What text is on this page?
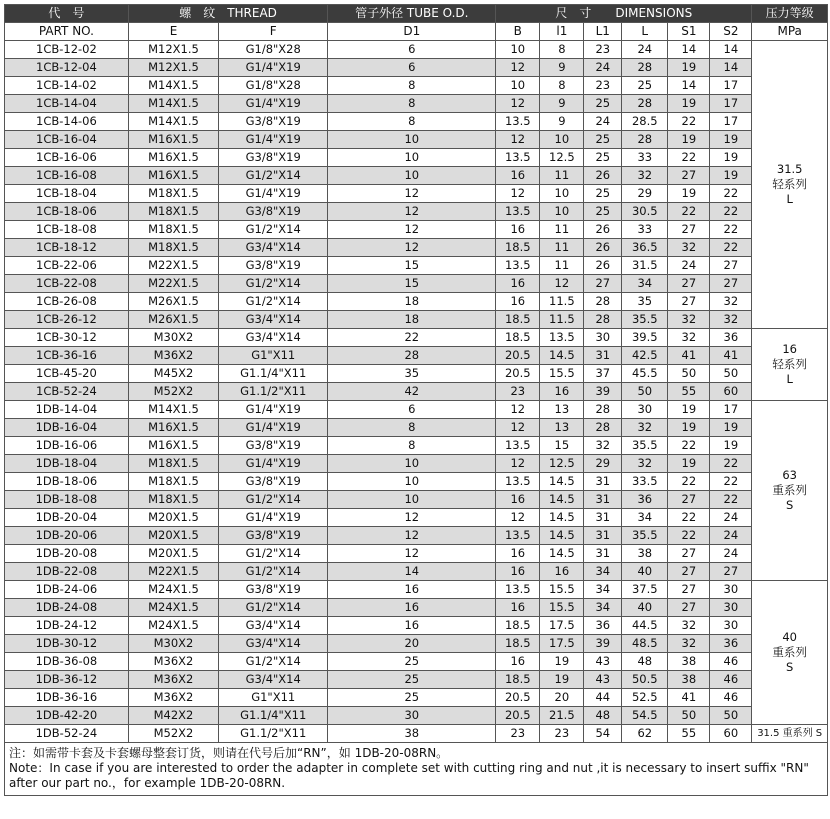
代　号	螺　纹　THREAD		管子外径 TUBE O.D.	尺　寸　　DIMENSIONS						压力等级
PART NO.	E	F	D1	B	l1	L1	L	S1	S2	MPa
1CB-12-02	M12X1.5	G1/8"X28	6	10	8	23	24	14	14	31.5
轻系列
L

1CB-12-04	M12X1.5	G1/4"X19	6	12	9	24	28	19	14	
1CB-14-02	M14X1.5	G1/8"X28	8	10	8	23	25	14	17	
1CB-14-04	M14X1.5	G1/4"X19	8	12	9	25	28	19	17	
1CB-14-06	M14X1.5	G3/8"X19	8	13.5	9	24	28.5	22	17	
1CB-16-04	M16X1.5	G1/4"X19	10	12	10	25	28	19	19	
1CB-16-06	M16X1.5	G3/8"X19	10	13.5	12.5	25	33	22	19	
1CB-16-08	M16X1.5	G1/2"X14	10	16	11	26	32	27	19	
1CB-18-04	M18X1.5	G1/4"X19	12	12	10	25	29	19	22	
1CB-18-06	M18X1.5	G3/8"X19	12	13.5	10	25	30.5	22	22	
1CB-18-08	M18X1.5	G1/2"X14	12	16	11	26	33	27	22	
1CB-18-12	M18X1.5	G3/4"X14	12	18.5	11	26	36.5	32	22	
1CB-22-06	M22X1.5	G3/8"X19	15	13.5	11	26	31.5	24	27	
1CB-22-08	M22X1.5	G1/2"X14	15	16	12	27	34	27	27	
1CB-26-08	M26X1.5	G1/2"X14	18	16	11.5	28	35	27	32	
1CB-26-12	M26X1.5	G3/4"X14	18	18.5	11.5	28	35.5	32	32	
1CB-30-12	M30X2	G3/4"X14	22	18.5	13.5	30	39.5	32	36	16
轻系列
L

1CB-36-16	M36X2	G1"X11	28	20.5	14.5	31	42.5	41	41	
1CB-45-20	M45X2	G1.1/4"X11	35	20.5	15.5	37	45.5	50	50	
1CB-52-24	M52X2	G1.1/2"X11	42	23	16	39	50	55	60	
1DB-14-04	M14X1.5	G1/4"X19	6	12	13	28	30	19	17	63
重系列
S

1DB-16-04	M16X1.5	G1/4"X19	8	12	13	28	32	19	19	
1DB-16-06	M16X1.5	G3/8"X19	8	13.5	15	32	35.5	22	19	
1DB-18-04	M18X1.5	G1/4"X19	10	12	12.5	29	32	19	22	
1DB-18-06	M18X1.5	G3/8"X19	10	13.5	14.5	31	33.5	22	22	
1DB-18-08	M18X1.5	G1/2"X14	10	16	14.5	31	36	27	22	
1DB-20-04	M20X1.5	G1/4"X19	12	12	14.5	31	34	22	24	
1DB-20-06	M20X1.5	G3/8"X19	12	13.5	14.5	31	35.5	22	24	
1DB-20-08	M20X1.5	G1/2"X14	12	16	14.5	31	38	27	24	
1DB-22-08	M22X1.5	G1/2"X14	14	16	16	34	40	27	27	
1DB-24-06	M24X1.5	G3/8"X19	16	13.5	15.5	34	37.5	27	30	40
重系列
S

1DB-24-08	M24X1.5	G1/2"X14	16	16	15.5	34	40	27	30	
1DB-24-12	M24X1.5	G3/4"X14	16	18.5	17.5	36	44.5	32	30	
1DB-30-12	M30X2	G3/4"X14	20	18.5	17.5	39	48.5	32	36	
1DB-36-08	M36X2	G1/2"X14	25	16	19	43	48	38	46	
1DB-36-12	M36X2	G3/4"X14	25	18.5	19	43	50.5	38	46	
1DB-36-16	M36X2	G1"X11	25	20.5	20	44	52.5	41	46	
1DB-42-20	M42X2	G1.1/4"X11	30	20.5	21.5	48	54.5	50	50	
1DB-52-24	M52X2	G1.1/2"X11	38	23	23	54	62	55	60	31.5 重系列 S
注：如需带卡套及卡套螺母整套订货，则请在代号后加“RN”，如 1DB-20-08RN。
Note：In case if you are interested to order the adapter in complete set with cutting ring and nut ,it is necessary to insert suffix "RN" after our part no.，for example 1DB-20-08RN.
